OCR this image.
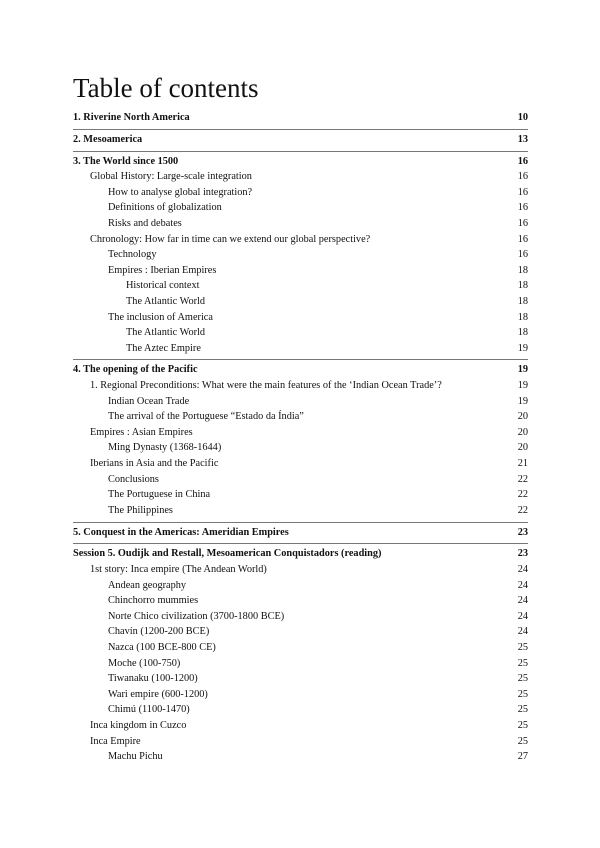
Table of contents
1. Riverine North America	10
2. Mesoamerica	13
3. The World since 1500	16
Global History: Large-scale integration	16
How to analyse global integration?	16
Definitions of globalization	16
Risks and debates	16
Chronology: How far in time can we extend our global perspective?	16
Technology	16
Empires : Iberian Empires	18
Historical context	18
The Atlantic World	18
The inclusion of America	18
The Atlantic World	18
The Aztec Empire	19
4. The opening of the Pacific	19
1. Regional Preconditions: What were the main features of the ‘Indian Ocean Trade’?	19
Indian Ocean Trade	19
The arrival of the Portuguese “Estado da Índia”	20
Empires : Asian Empires	20
Ming Dynasty (1368-1644)	20
Iberians in Asia and the Pacific	21
Conclusions	22
The Portuguese in China	22
The Philippines	22
5. Conquest in the Americas: Ameridian Empires	23
Session 5. Oudijk and Restall, Mesoamerican Conquistadors (reading)	23
1st story: Inca empire (The Andean World)	24
Andean geography	24
Chinchorro mummies	24
Norte Chico civilization (3700-1800 BCE)	24
Chavín (1200-200 BCE)	24
Nazca (100 BCE-800 CE)	25
Moche (100-750)	25
Tiwanaku (100-1200)	25
Wari empire (600-1200)	25
Chimú (1100-1470)	25
Inca kingdom in Cuzco	25
Inca Empire	25
Machu Pichu	27
